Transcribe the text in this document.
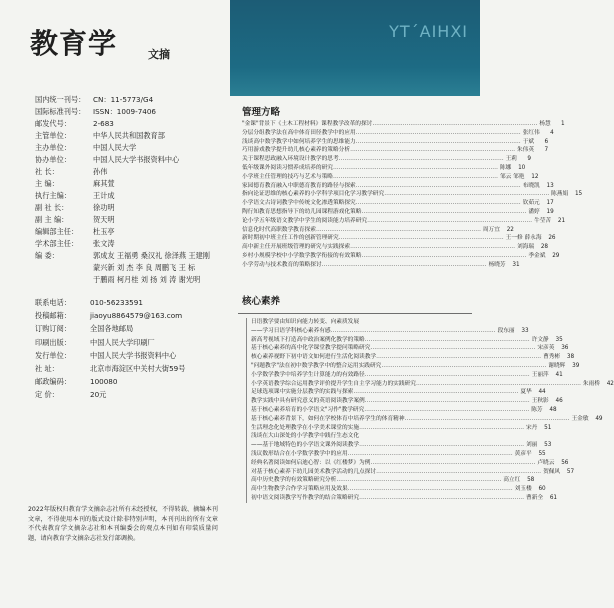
教育学	文摘
国内统一刊号：	CN：11-5773/G4
国际标准刊号：	ISSN：1009-7406
邮发代号：	2-683
主管单位：	中华人民共和国教育部
主办单位：	中国人民大学
协办单位：	中国人民大学书报资料中心
社 长：	孙伟
主 编：	麻其萱
执行主编：	王计成
副 社 长：	徐功明
副 主 编：	贺天明
编辑部主任：	杜玉亭
学术部主任：	张文涛
编 委：	郭成友 王福勇 桑汉礼 徐泽燕 王建刚
蒙兴新 刘 杰 李 良 周鹏飞 王 标
于鹏雨 柯月桂 刘 扬 刘 涛 谢光明
联系电话：	010-56233591
投稿邮箱：	jiaoyu8864579@163.com
订购订阅：	全国各地邮局
印刷出版：	中国人民大学印刷厂
发行单位：	中国人民大学书报资料中心
社 址：	北京市海淀区中关村大街59号
邮政编码：	100080
定 价：	20元
2022年版权归教育学文摘杂志社所有未经授权，不得转载、摘编本刊文章，不得使用本刊的版式设计除非特别声明，本刊刊出的所有文章不代表教育学文摘杂志社和本刊编委会的观点本刊如有印装质量问题，请向教育学文摘杂志社发行部调换。
ΥΤ΄ΑΙΗΧΙ
管理方略
"金课"背景下《土木工程材料》课程教学改革的探讨 ……………………………………………………………………………	杨慧	1
分层分组教学法在高中体育田径教学中的应用 ……………………………………………………………………………	张红伟	4
浅谈高中数学教学中如何培养学生的思维能力 ……………………………………………………………………………	于斌	6
巧用游戏教学提升幼儿核心素养的策略分析 ……………………………………………………………………………	朱伟英	7
关于课程思政融入环境设计教学的思考 ……………………………………………………………………………	王莉	9
低年级课外阅读习惯养成培养的研究 ……………………………………………………………………………	陈娜	10
小学班主任管理的技巧与艺术与策略 ……………………………………………………………………………	邹云 邹艳	12
家园德育教育融入中职德育教育的路径与探索 ……………………………………………………………………………	布晓凯	13
指向论证思维的核心素养的小学科学项目化学习教学研究 ……………………………………………………………………………	陈燕娟	15
小学语文古诗词教学中传统文化渗透策略探究 ……………………………………………………………………………	钦茹元	17
陶行知教育思想指导下的幼儿园课程游戏化策略 ……………………………………………………………………………	潘婷	19
论小学五年级语文教学中学生的阅读能力培养研究 ……………………………………………………………………………	牛莹苦	21
信息化时代高职数学教育探索 ……………………………………………………………………………	周万宜	22
新时期初中班主任工作的创新管理研究 ……………………………………………………………………………	王一修 薛永海	26
高中新主任开展班级管理的研究与实践探索 ……………………………………………………………………………	刘海瑞	28
乡村小规模学校中小学数学教学衔接的有效策略 ……………………………………………………………………………	季金斌	29
小学劳动与技术教育的策略探讨 ……………………………………………………………………………	杨晓芳	31
核心素养
日语教学要由知识向能力转变、向素质发展
——学习日语学科核心素养有感 ……………………………………………………………………………	段东丽	33
新高考视域下打造高中政治案例化教学的策略 ……………………………………………………………………………	许文静	35
基于核心素养的高中化学课堂教学提问策略研究 ……………………………………………………………………………	宋彦英	36
核心素养视野下初中语文如何进行生活化阅读教学 ……………………………………………………………………………	曹秀彬	38
"问题教学"法在初中数学教学中的整合运用实践研究 ……………………………………………………………………………	谢晓辉	39
小学数学教学中培养学生计算能力的有效路径 ……………………………………………………………………………	王丽萍	41
小学英语教学综合运用教学评价提升学生自主学习能力的实践研究 ……………………………………………………………………………	朱雨桥	42
足球选项课中实施分层教学的实践与探索 ……………………………………………………………………………	夏华	44
教学实践中具有研究意义的英语阅读教学案例 ……………………………………………………………………………	王秋影	46
基于核心素养培育的小学语文"习作"教学研究 ……………………………………………………………………………	陈芳	48
基于核心素养背景下，如何在学校体育中培养学生的体育精神 ……………………………………………………………………………	王金敏	49
生活理念化处理教学在小学美术课堂的实施 ……………………………………………………………………………	宋丹	51
浅谈在大山深处的小学教学中践行生态文化
——基于地域特色的小学语文课外阅读教学 ……………………………………………………………………………	刘丽	53
浅议数形结合在小学数学教学中的应用 ……………………………………………………………………………	黄彦平	55
经典名著阅读如何启迪心智：以《红楼梦》为例 ……………………………………………………………………………	卢晓云	56
对基于核心素养下幼儿园美术教学活动的几点探讨 ……………………………………………………………………………	贺佩风	57
高中历史教学的有效策略研究分析 ……………………………………………………………………………	高立红	58
高中生物教学合作学习策略应用及效果 ……………………………………………………………………………	刘玉楼	60
初中语文阅读教学写作教学的结合策略研究 ……………………………………………………………………………	曹新全	61
